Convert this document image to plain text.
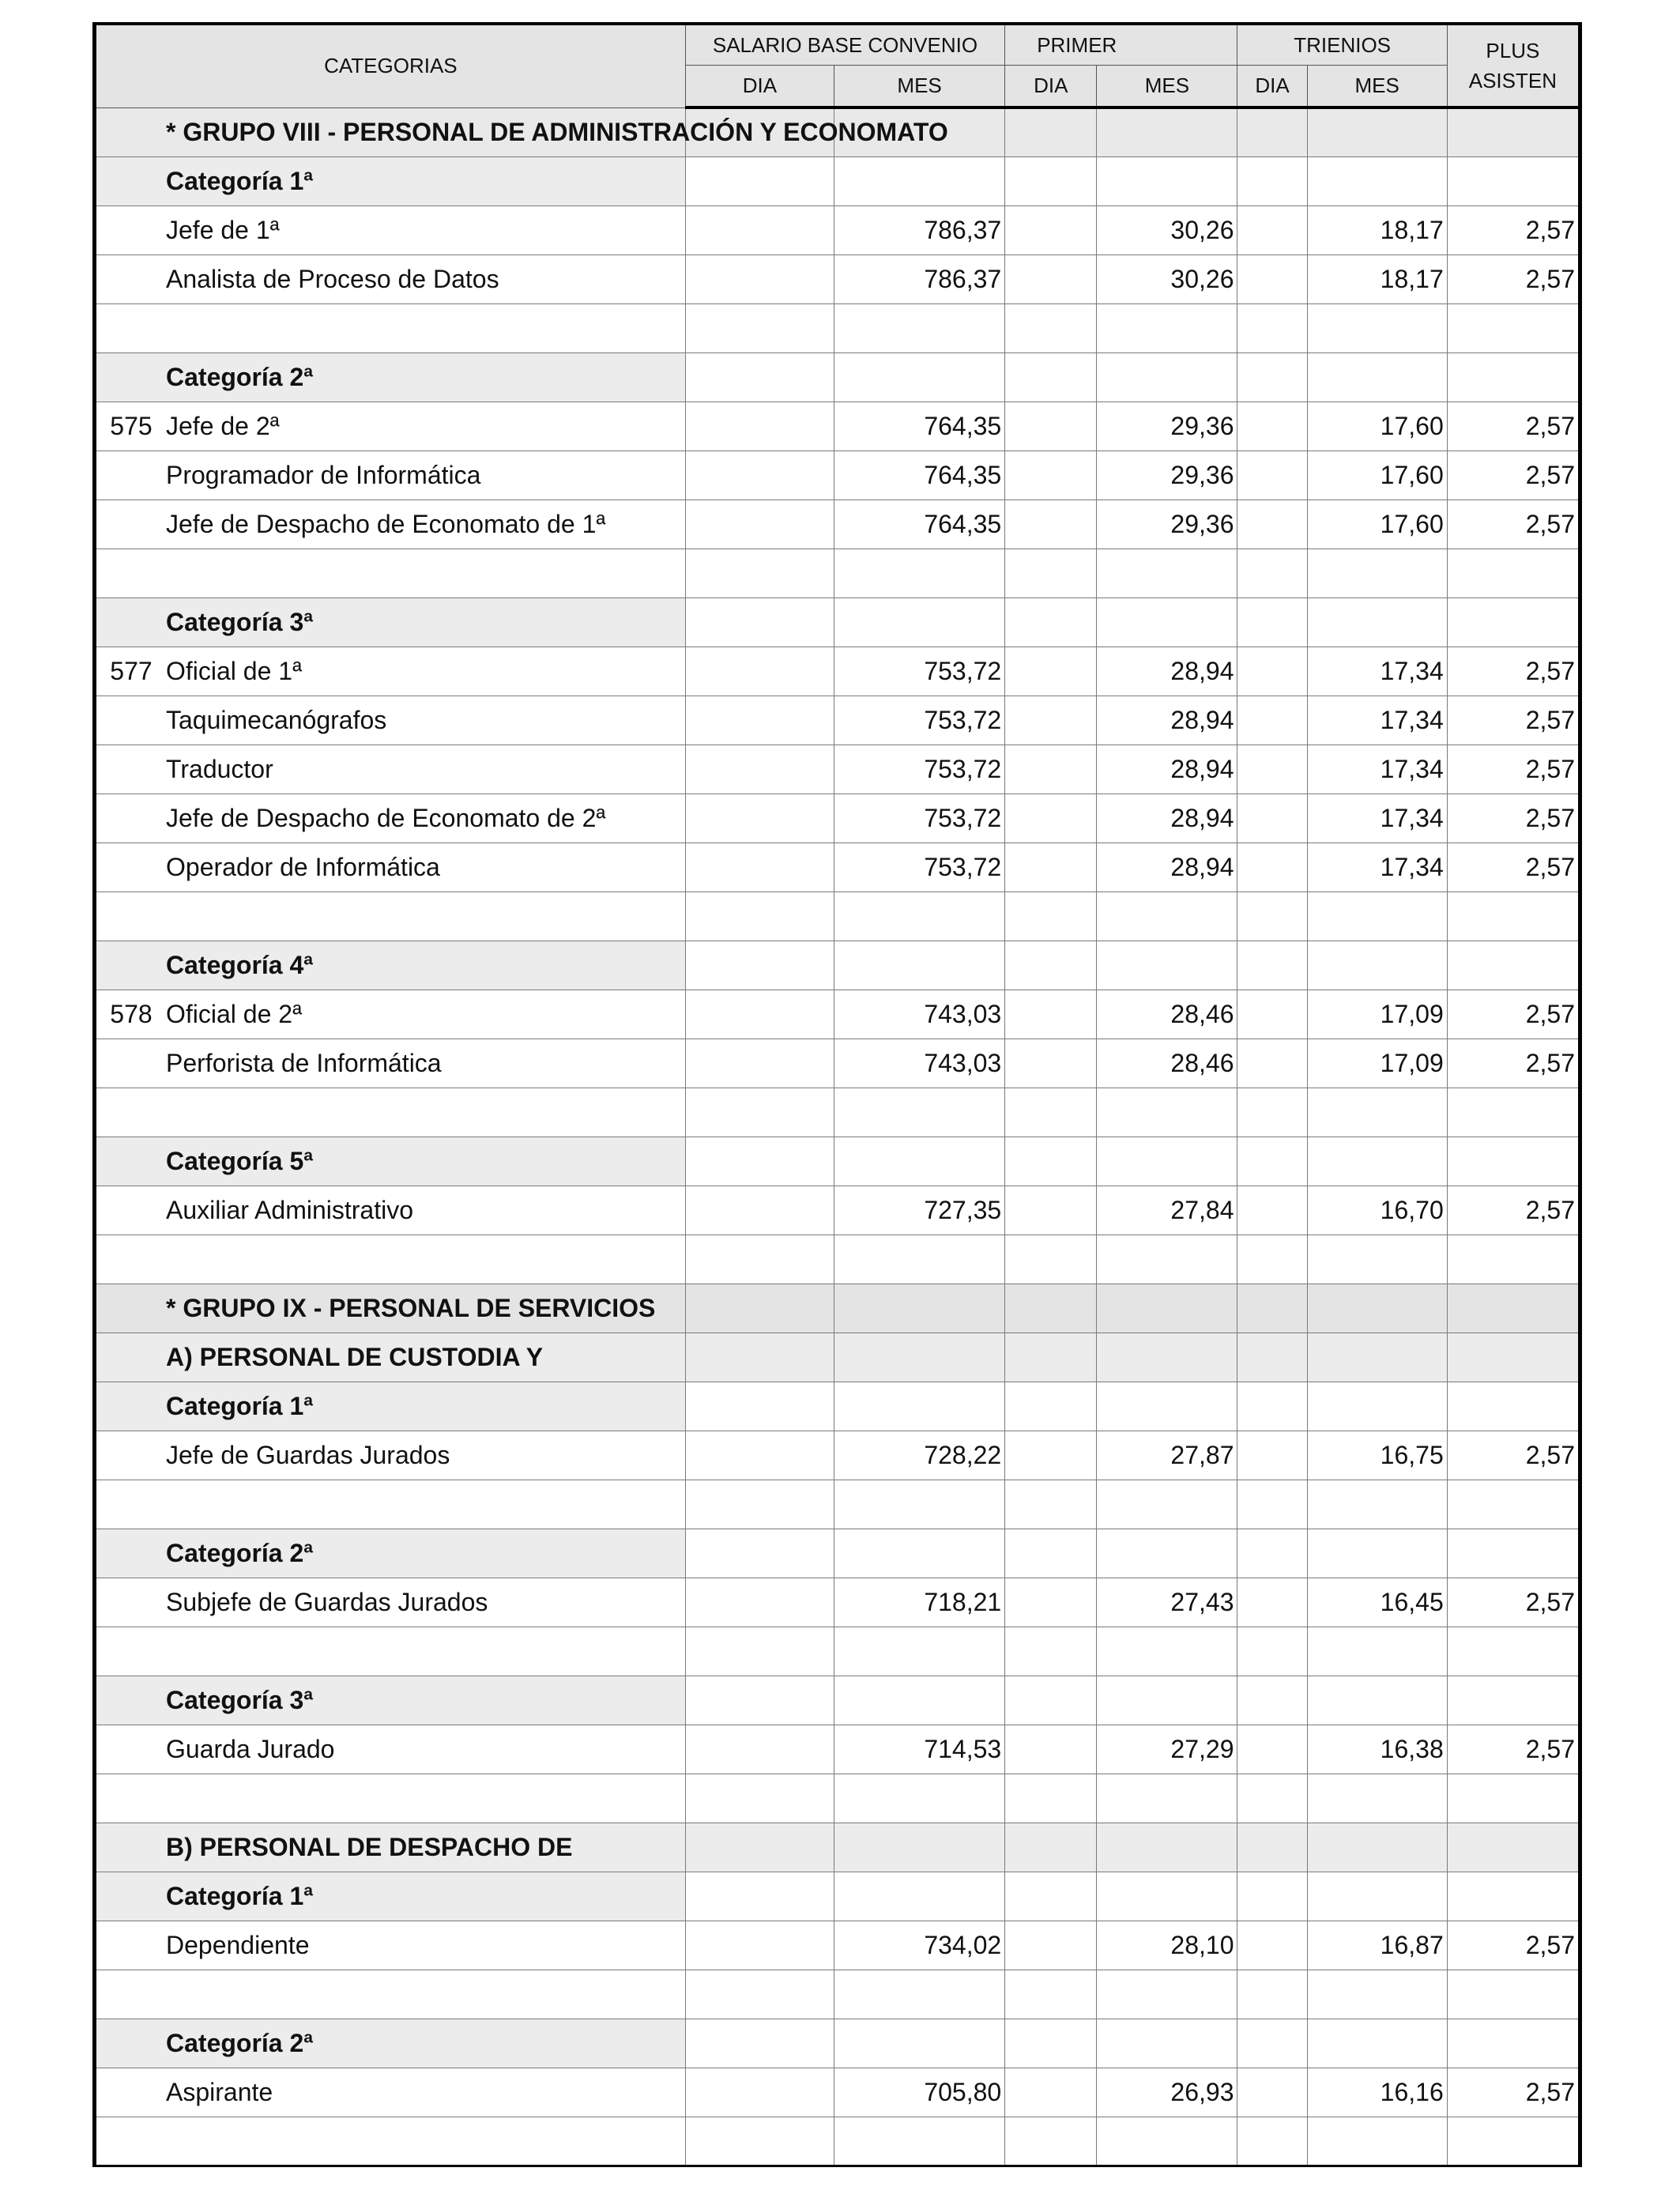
CATEGORIAS	SALARIO BASE CONVENIO		PRIMER		TRIENIOS		PLUS
ASISTEN
	DIA	MES	DIA	MES	DIA	MES	
* GRUPO VIII - PERSONAL DE ADMINISTRACIÓN Y ECONOMATO							
Categoría 1ª							
Jefe de 1ª		786,37		30,26		18,17	2,57
Analista de Proceso de Datos		786,37		30,26		18,17	2,57

Categoría 2ª							
575 Jefe de 2ª		764,35		29,36		17,60	2,57
Programador de Informática		764,35		29,36		17,60	2,57
Jefe de Despacho de Economato de 1ª		764,35		29,36		17,60	2,57

Categoría 3ª							
577 Oficial de 1ª		753,72		28,94		17,34	2,57
Taquimecanógrafos		753,72		28,94		17,34	2,57
Traductor		753,72		28,94		17,34	2,57
Jefe de Despacho de Economato de 2ª		753,72		28,94		17,34	2,57
Operador de Informática		753,72		28,94		17,34	2,57

Categoría 4ª							
578 Oficial de 2ª		743,03		28,46		17,09	2,57
Perforista de Informática		743,03		28,46		17,09	2,57

Categoría 5ª							
Auxiliar Administrativo		727,35		27,84		16,70	2,57

* GRUPO IX - PERSONAL DE SERVICIOS							
A) PERSONAL DE CUSTODIA Y							
Categoría 1ª							
Jefe de Guardas Jurados		728,22		27,87		16,75	2,57

Categoría 2ª							
Subjefe de Guardas Jurados		718,21		27,43		16,45	2,57

Categoría 3ª							
Guarda Jurado		714,53		27,29		16,38	2,57

B) PERSONAL DE DESPACHO DE							
Categoría 1ª							
Dependiente		734,02		28,10		16,87	2,57

Categoría 2ª							
Aspirante		705,80		26,93		16,16	2,57
